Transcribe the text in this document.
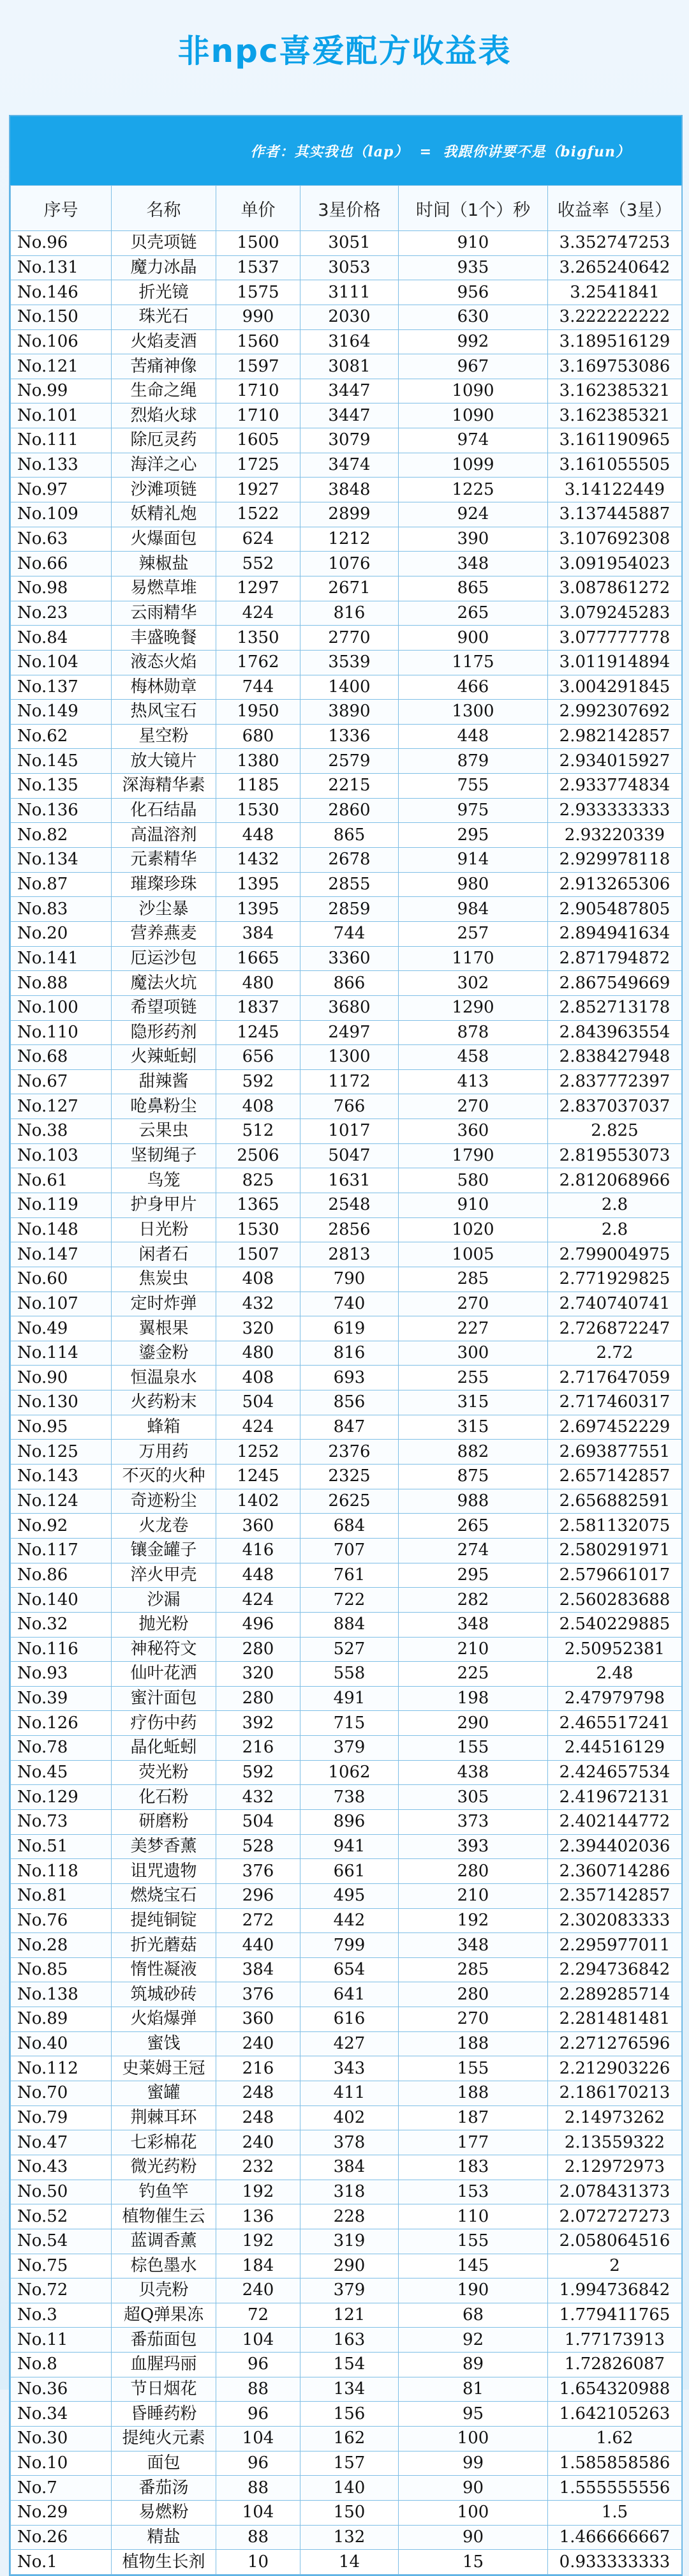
非npc喜爱配方收益表
作者：其实我也（lap）  =  我跟你讲要不是（bigfun）
序号	名称	单价	3星价格	时间（1个）秒	收益率（3星）
No.96	贝壳项链	1500	3051	910	3.352747253
No.131	魔力冰晶	1537	3053	935	3.265240642
No.146	折光镜	1575	3111	956	3.2541841
No.150	珠光石	990	2030	630	3.222222222
No.106	火焰麦酒	1560	3164	992	3.189516129
No.121	苦痛神像	1597	3081	967	3.169753086
No.99	生命之绳	1710	3447	1090	3.162385321
No.101	烈焰火球	1710	3447	1090	3.162385321
No.111	除厄灵药	1605	3079	974	3.161190965
No.133	海洋之心	1725	3474	1099	3.161055505
No.97	沙滩项链	1927	3848	1225	3.14122449
No.109	妖精礼炮	1522	2899	924	3.137445887
No.63	火爆面包	624	1212	390	3.107692308
No.66	辣椒盐	552	1076	348	3.091954023
No.98	易燃草堆	1297	2671	865	3.087861272
No.23	云雨精华	424	816	265	3.079245283
No.84	丰盛晚餐	1350	2770	900	3.077777778
No.104	液态火焰	1762	3539	1175	3.011914894
No.137	梅林勋章	744	1400	466	3.004291845
No.149	热风宝石	1950	3890	1300	2.992307692
No.62	星空粉	680	1336	448	2.982142857
No.145	放大镜片	1380	2579	879	2.934015927
No.135	深海精华素	1185	2215	755	2.933774834
No.136	化石结晶	1530	2860	975	2.933333333
No.82	高温溶剂	448	865	295	2.93220339
No.134	元素精华	1432	2678	914	2.929978118
No.87	璀璨珍珠	1395	2855	980	2.913265306
No.83	沙尘暴	1395	2859	984	2.905487805
No.20	营养燕麦	384	744	257	2.894941634
No.141	厄运沙包	1665	3360	1170	2.871794872
No.88	魔法火坑	480	866	302	2.867549669
No.100	希望项链	1837	3680	1290	2.852713178
No.110	隐形药剂	1245	2497	878	2.843963554
No.68	火辣蚯蚓	656	1300	458	2.838427948
No.67	甜辣酱	592	1172	413	2.837772397
No.127	呛鼻粉尘	408	766	270	2.837037037
No.38	云果虫	512	1017	360	2.825
No.103	坚韧绳子	2506	5047	1790	2.819553073
No.61	鸟笼	825	1631	580	2.812068966
No.119	护身甲片	1365	2548	910	2.8
No.148	日光粉	1530	2856	1020	2.8
No.147	闲者石	1507	2813	1005	2.799004975
No.60	焦炭虫	408	790	285	2.771929825
No.107	定时炸弹	432	740	270	2.740740741
No.49	翼根果	320	619	227	2.726872247
No.114	鎏金粉	480	816	300	2.72
No.90	恒温泉水	408	693	255	2.717647059
No.130	火药粉末	504	856	315	2.717460317
No.95	蜂箱	424	847	315	2.697452229
No.125	万用药	1252	2376	882	2.693877551
No.143	不灭的火种	1245	2325	875	2.657142857
No.124	奇迹粉尘	1402	2625	988	2.656882591
No.92	火龙卷	360	684	265	2.581132075
No.117	镶金罐子	416	707	274	2.580291971
No.86	淬火甲壳	448	761	295	2.579661017
No.140	沙漏	424	722	282	2.560283688
No.32	抛光粉	496	884	348	2.540229885
No.116	神秘符文	280	527	210	2.50952381
No.93	仙叶花洒	320	558	225	2.48
No.39	蜜汁面包	280	491	198	2.47979798
No.126	疗伤中药	392	715	290	2.465517241
No.78	晶化蚯蚓	216	379	155	2.44516129
No.45	荧光粉	592	1062	438	2.424657534
No.129	化石粉	432	738	305	2.419672131
No.73	研磨粉	504	896	373	2.402144772
No.51	美梦香薰	528	941	393	2.394402036
No.118	诅咒遗物	376	661	280	2.360714286
No.81	燃烧宝石	296	495	210	2.357142857
No.76	提纯铜锭	272	442	192	2.302083333
No.28	折光蘑菇	440	799	348	2.295977011
No.85	惰性凝液	384	654	285	2.294736842
No.138	筑城砂砖	376	641	280	2.289285714
No.89	火焰爆弹	360	616	270	2.281481481
No.40	蜜饯	240	427	188	2.271276596
No.112	史莱姆王冠	216	343	155	2.212903226
No.70	蜜罐	248	411	188	2.186170213
No.79	荆棘耳环	248	402	187	2.14973262
No.47	七彩棉花	240	378	177	2.13559322
No.43	微光药粉	232	384	183	2.12972973
No.50	钓鱼竿	192	318	153	2.078431373
No.52	植物催生云	136	228	110	2.072727273
No.54	蓝调香薰	192	319	155	2.058064516
No.75	棕色墨水	184	290	145	2
No.72	贝壳粉	240	379	190	1.994736842
No.3	超Q弹果冻	72	121	68	1.779411765
No.11	番茄面包	104	163	92	1.77173913
No.8	血腥玛丽	96	154	89	1.72826087
No.36	节日烟花	88	134	81	1.654320988
No.34	昏睡药粉	96	156	95	1.642105263
No.30	提纯火元素	104	162	100	1.62
No.10	面包	96	157	99	1.585858586
No.7	番茄汤	88	140	90	1.555555556
No.29	易燃粉	104	150	100	1.5
No.26	精盐	88	132	90	1.466666667
No.1	植物生长剂	10	14	15	0.933333333
